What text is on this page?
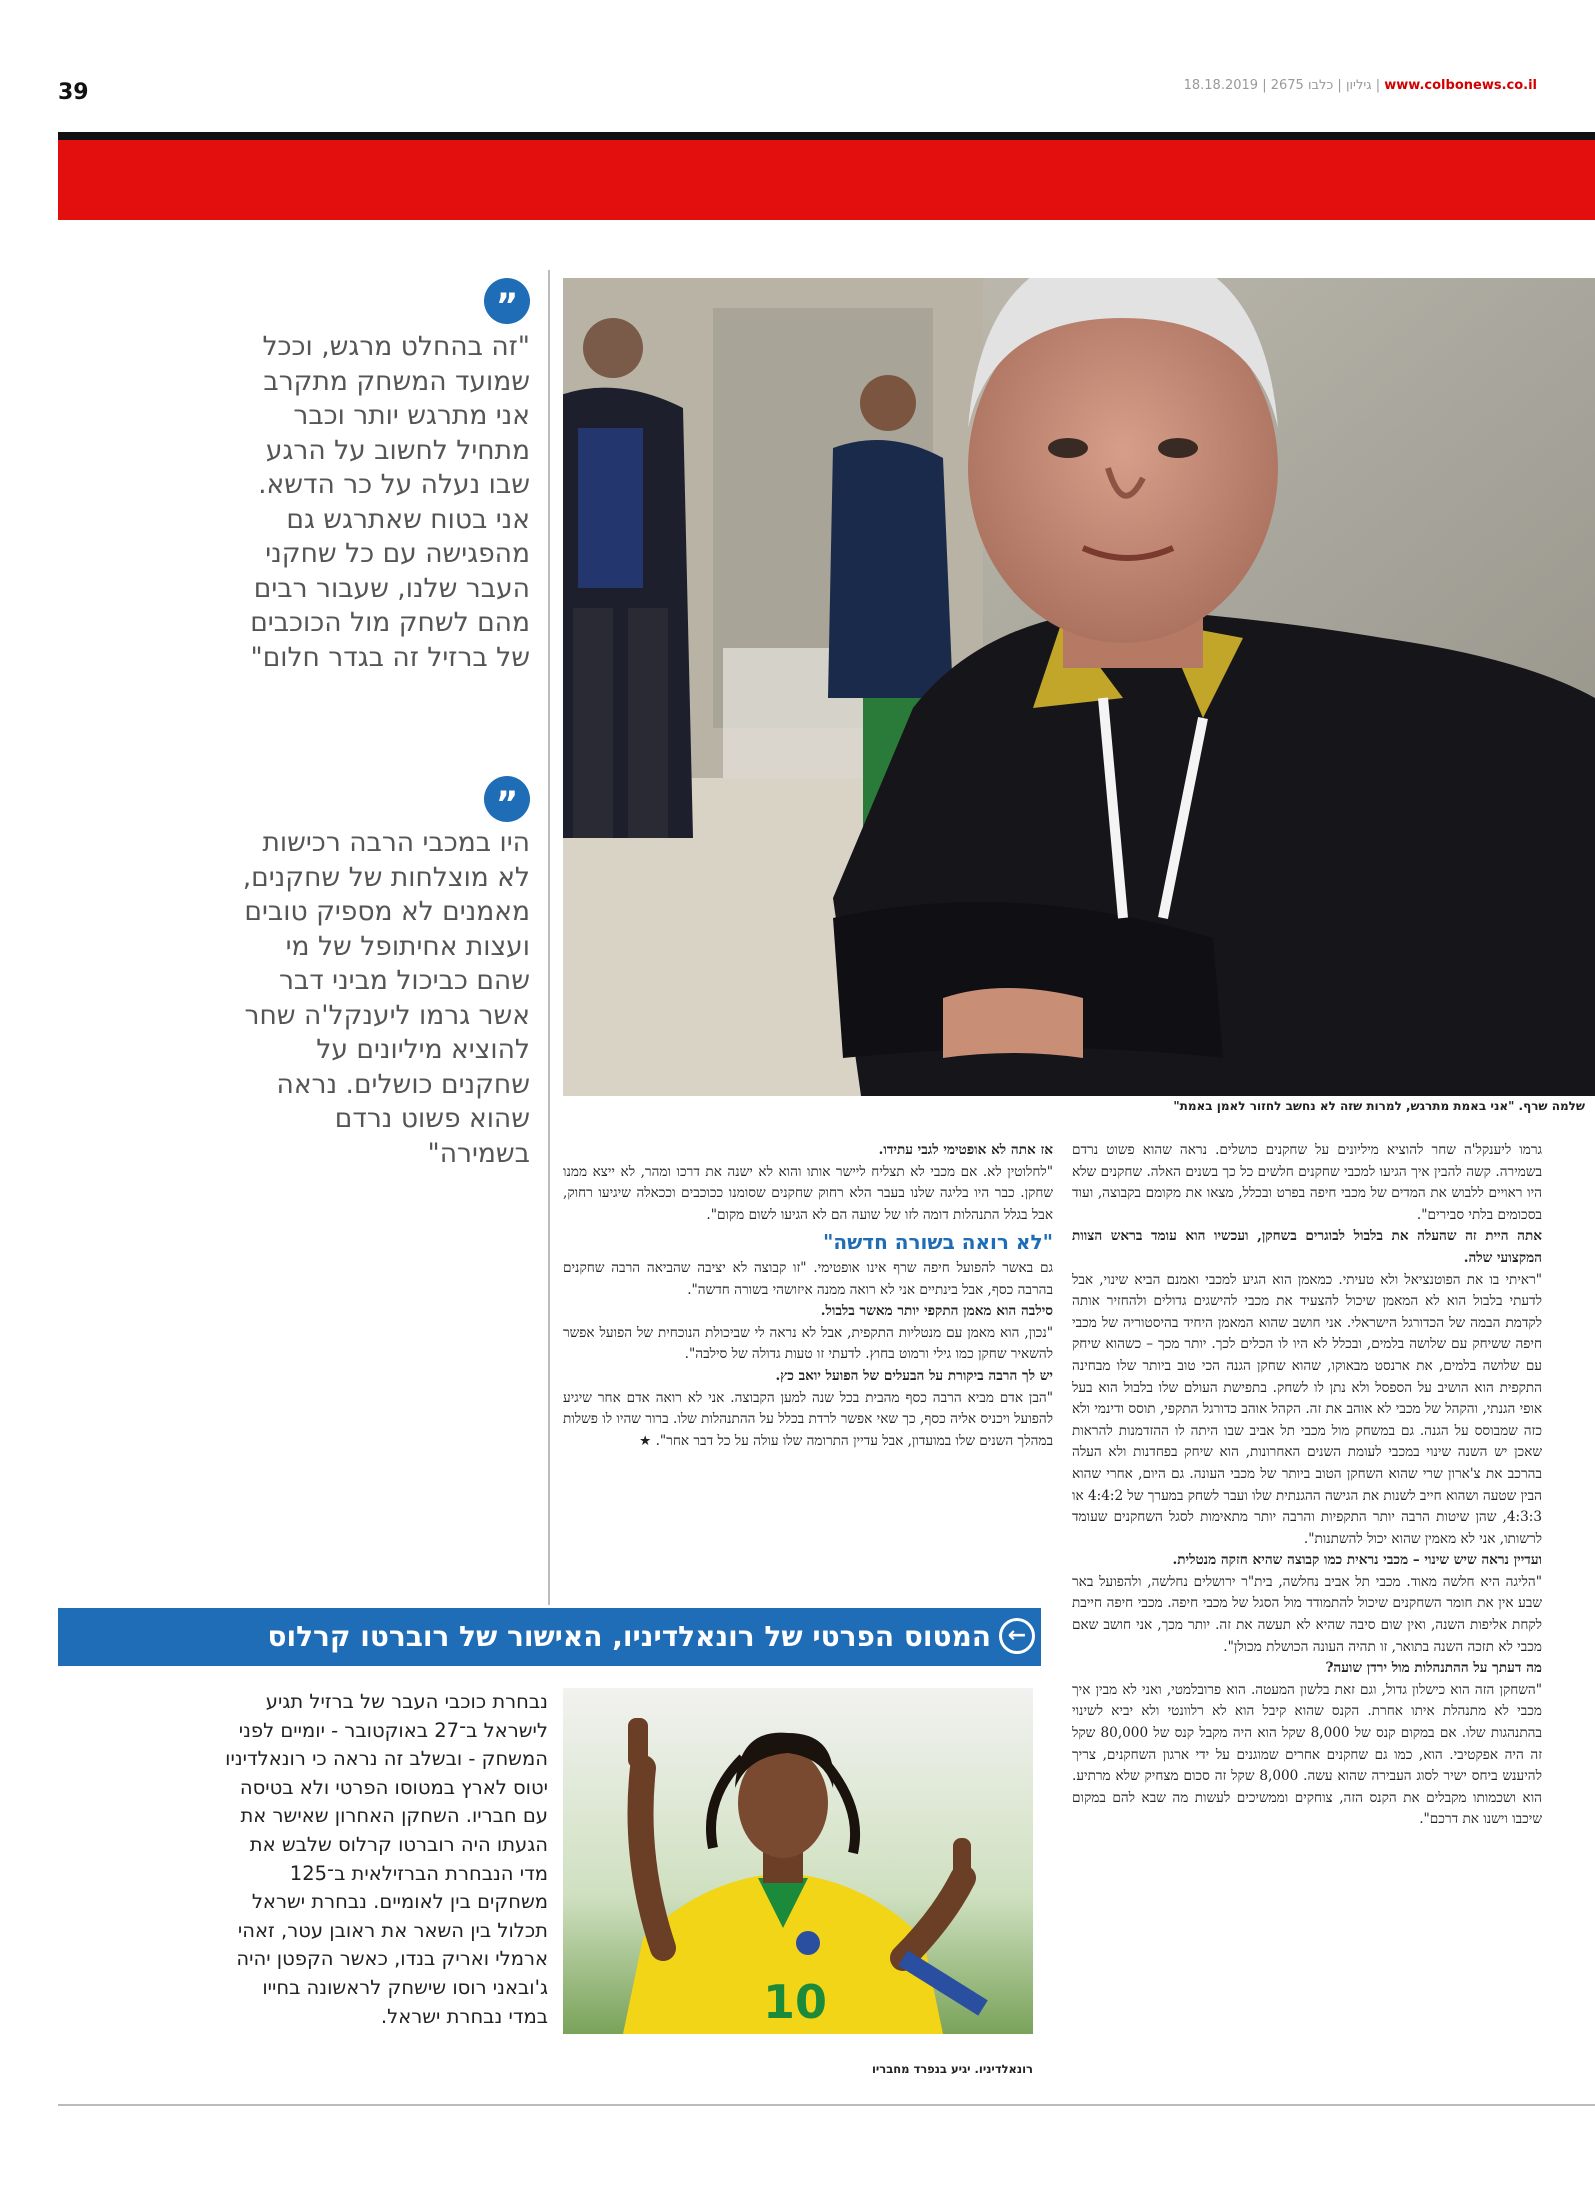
39	18.18.2019 | 2675	גיליון | כלבו	| www.colbonews.co.il
שלמה שרף. "אני באמת מתרגש, למרות שזה לא נחשב לחזור לאמן באמת"
”
"זה בהחלט מרגש, וככל שמועד המשחק מתקרב אני מתרגש יותר וכבר מתחיל לחשוב על הרגע שבו נעלה על כר הדשא. אני בטוח שאתרגש גם מהפגישה עם כל שחקני העבר שלנו, שעבור רבים מהם לשחק מול הכוכבים של ברזיל זה בגדר חלום"
”
היו במכבי הרבה רכישות לא מוצלחות של שחקנים, מאמנים לא מספיק טובים ועצות אחיתופל של מי שהם כביכול מביני דבר אשר גרמו ליענקל'ה שחר להוציא מיליונים על שחקנים כושלים. נראה שהוא פשוט נרדם בשמירה"	גרמו ליענקל'ה שחר להוציא מיליונים על שחקנים כושלים. נראה שהוא פשוט נרדם בשמירה. קשה להבין איך הגיעו למכבי שחקנים חלשים כל כך בשנים האלה. שחקנים שלא היו ראויים ללבוש את המדים של מכבי חיפה בפרט ובכלל, מצאו את מקומם בקבוצה, ועוד בסכומים בלתי סבירים".

אתה היית זה שהעלה את בלבול לבוגרים בשחקן, ועכשיו הוא עומד בראש הצוות המקצועי שלה.

"ראיתי בו את הפוטנציאל ולא טעיתי. כמאמן הוא הגיע למכבי ואמנם הביא שינוי, אבל לדעתי בלבול הוא לא המאמן שיכול להצעיד את מכבי להישגים גדולים ולהחזיר אותה לקדמת הבמה של הכדורגל הישראלי. אני חושב שהוא המאמן היחיד בהיסטוריה של מכבי חיפה ששיחק עם שלושה בלמים, ובכלל לא היו לו הכלים לכך. יותר מכך – כשהוא שיחק עם שלושה בלמים, את ארנסט מבאוקו, שהוא שחקן הגנה הכי טוב ביותר שלו מבחינה התקפית הוא הושיב על הספסל ולא נתן לו לשחק. בתפישת העולם שלו בלבול הוא בעל אופי הגנתי, והקהל של מכבי לא אוהב את זה. הקהל אוהב כדורגל התקפי, תוסס ודינמי ולא כזה שמבוסס על הגנה. גם במשחק מול מכבי תל אביב שבו היתה לו ההזדמנות להראות שאכן יש השנה שינוי במכבי לעומת השנים האחרונות, הוא שיחק בפחדנות ולא העלה בהרכב את צ'ארון שרי שהוא השחקן הטוב ביותר של מכבי העונה. גם היום, אחרי שהוא הבין שטעה ושהוא חייב לשנות את הגישה ההגנתית שלו ועבר לשחק במערך של 4:4:2 או 4:3:3, שהן שיטות הרבה יותר התקפיות והרבה יותר מתאימות לסגל השחקנים שעומד לרשותו, אני לא מאמין שהוא יכול להשתנות".

ועדיין נראה שיש שינוי – מכבי נראית כמו קבוצה שהיא חזקה מנטלית.

"הליגה היא חלשה מאוד. מכבי תל אביב נחלשה, בית"ר ירושלים נחלשה, ולהפועל באר שבע אין את חומר השחקנים שיכול להתמודד מול הסגל של מכבי חיפה. מכבי חיפה חייבת לקחת אליפות השנה, ואין שום סיבה שהיא לא תעשה את זה. יותר מכך, אני חושב שאם מכבי לא תזכה השנה בתואר, זו תהיה העונה הכושלת מכולן".

מה דעתך על ההתנהלות מול ירדן שועה?

"השחקן הזה הוא כישלון גדול, וגם זאת בלשון המעטה. הוא פרובלמטי, ואני לא מבין איך מכבי לא מתנהלת איתו אחרת. הקנס שהוא קיבל הוא לא רלוונטי ולא יביא לשינוי בהתנהגות שלו. אם במקום קנס של 8,000 שקל הוא היה מקבל קנס של 80,000 שקל זה היה אפקטיבי. הוא, כמו גם שחקנים אחרים שמוגנים על ידי ארגון השחקנים, צריך להיענש ביחס ישיר לסוג העבירה שהוא עשה. 8,000 שקל זה סכום מצחיק שלא מרתיע. הוא ושכמותו מקבלים את הקנס הזה, צוחקים וממשיכים לעשות מה שבא להם במקום שיכבו וישנו את דרכם".

אז אתה לא אופטימי לגבי עתידו.

"לחלוטין לא. אם מכבי לא תצליח ליישר אותו והוא לא ישנה את דרכו ומהר, לא ייצא ממנו שחקן. כבר היו בליגה שלנו בעבר הלא רחוק שחקנים שסומנו ככוכבים וככאלה שיגיעו רחוק, אבל בגלל התנהלות דומה לזו של שועה הם לא הגיעו לשום מקום".

"לא רואה בשורה חדשה"

גם באשר להפועל חיפה שרף אינו אופטימי. "זו קבוצה לא יציבה שהביאה הרבה שחקנים בהרבה כסף, אבל בינתיים אני לא רואה ממנה איזושהי בשורה חדשה".

סילבה הוא מאמן התקפי יותר מאשר בלבול.

"נכון, הוא מאמן עם מנטליות התקפית, אבל לא נראה לי שביכולת הנוכחית של הפועל אפשר להשאיר שחקן כמו גילי ורמוט בחוץ. לדעתי זו טעות גדולה של סילבה".

יש לך הרבה ביקורת על הבעלים של הפועל יואב כץ.

"הבן אדם מביא הרבה כסף מהבית בכל שנה למען הקבוצה. אני לא רואה אדם אחר שיגיע להפועל ויכניס אליה כסף, כך שאי אפשר לרדת בכלל על ההתנהלות שלו. ברור שהיו לו פשלות במהלך השנים שלו במועדון, אבל עדיין התרומה שלו עולה על כל דבר אחר". ★

←
המטוס הפרטי של רונאלדיניו, האישור של רוברטו קרלוס
10
רונאלדיניו. יגיע בנפרד מחבריו
נבחרת כוכבי העבר של ברזיל תגיע לישראל ב־27 באוקטובר - יומיים לפני המשחק - ובשלב זה נראה כי רונאלדיניו יטוס לארץ במטוסו הפרטי ולא בטיסה עם חבריו. השחקן האחרון שאישר את הגעתו היה רוברטו קרלוס שלבש את מדי הנבחרת הברזילאית ב־125 משחקים בין לאומיים. נבחרת ישראל תכלול בין השאר את ראובן עטר, זאהי ארמלי ואריק בנדו, כאשר הקפטן יהיה ג'ובאני רוסו שישחק לראשונה בחייו במדי נבחרת ישראל.
